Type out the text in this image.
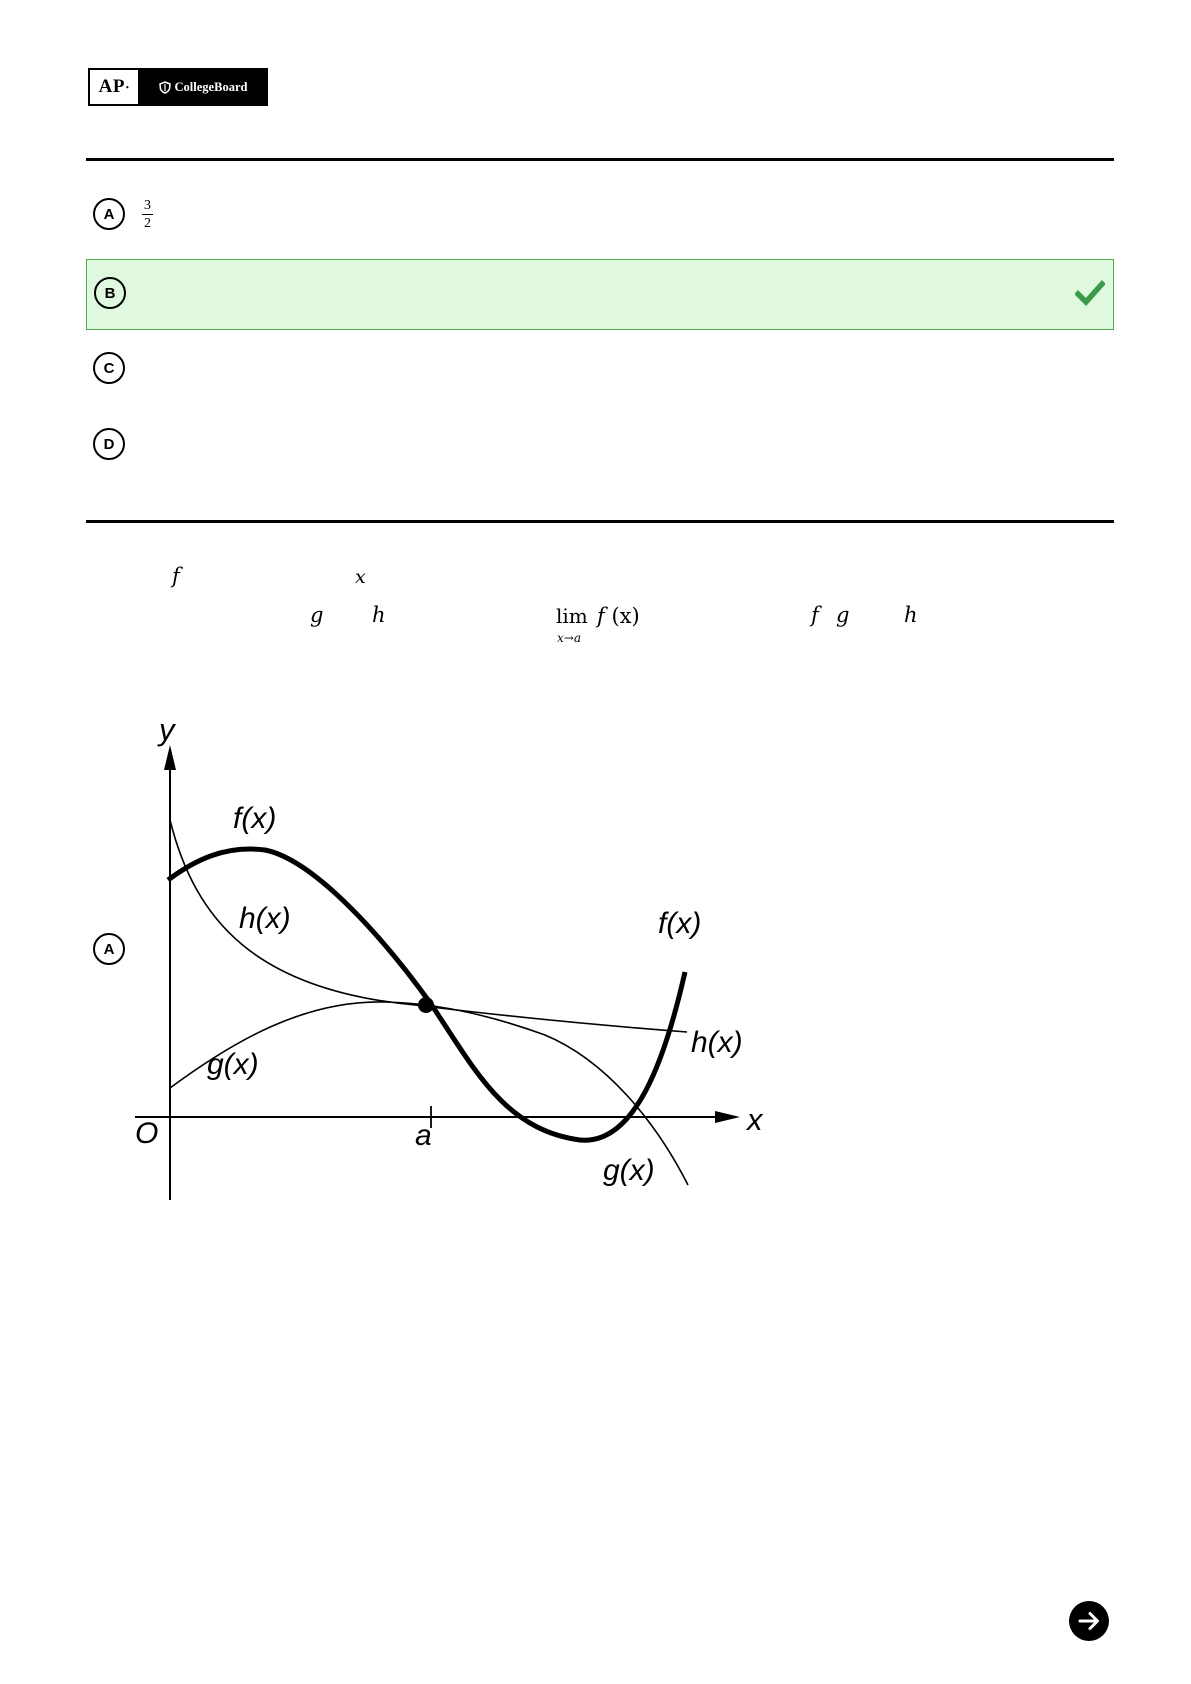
AP •	CollegeBoard
A	3
2
B
C
D
f	x
lim
x→a
f (x)
g h	f g	h
A
y
x
O	a
f(x)
f(x)
h(x)
h(x)
g(x)
g(x)
